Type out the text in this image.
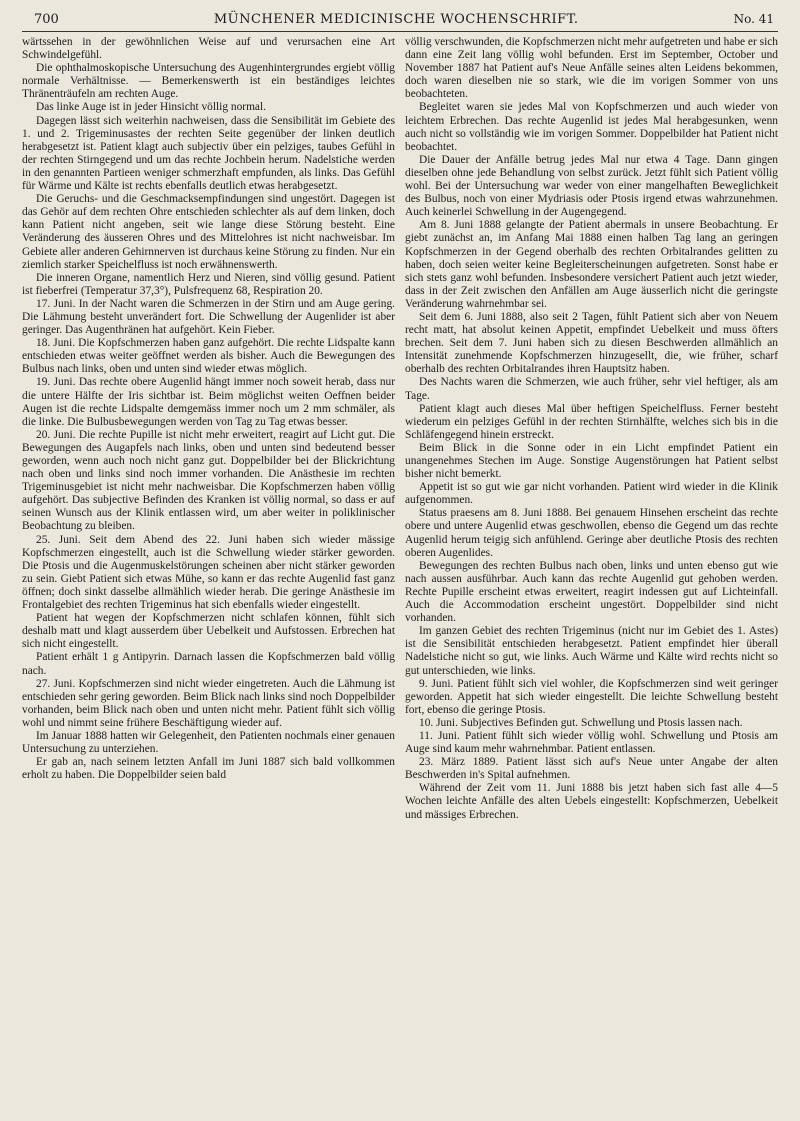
700	MÜNCHENER MEDICINISCHE WOCHENSCHRIFT.	No. 41

wärtssehen in der gewöhnlichen Weise auf und verursachen eine Art Schwindelgefühl.

Die ophthalmoskopische Untersuchung des Augenhintergrundes ergiebt völlig normale Verhältnisse. — Bemerkenswerth ist ein beständiges leichtes Thränenträufeln am rechten Auge.

Das linke Auge ist in jeder Hinsicht völlig normal.

Dagegen lässt sich weiterhin nachweisen, dass die Sensibilität im Gebiete des 1. und 2. Trigeminusastes der rechten Seite gegenüber der linken deutlich herabgesetzt ist. Patient klagt auch subjectiv über ein pelziges, taubes Gefühl in der rechten Stirngegend und um das rechte Jochbein herum. Nadelstiche werden in den genannten Partieen weniger schmerzhaft empfunden, als links. Das Gefühl für Wärme und Kälte ist rechts ebenfalls deutlich etwas herabgesetzt.

Die Geruchs- und die Geschmacksempfindungen sind ungestört. Dagegen ist das Gehör auf dem rechten Ohre entschieden schlechter als auf dem linken, doch kann Patient nicht angeben, seit wie lange diese Störung besteht. Eine Veränderung des äusseren Ohres und des Mittelohres ist nicht nachweisbar. Im Gebiete aller anderen Gehirnnerven ist durchaus keine Störung zu finden. Nur ein ziemlich starker Speichelfluss ist noch erwähnenswerth.

Die inneren Organe, namentlich Herz und Nieren, sind völlig gesund. Patient ist fieberfrei (Temperatur 37,3°), Pulsfrequenz 68, Respiration 20.

17. Juni. In der Nacht waren die Schmerzen in der Stirn und am Auge gering. Die Lähmung besteht unverändert fort. Die Schwellung der Augenlider ist aber geringer. Das Augenthränen hat aufgehört. Kein Fieber.

18. Juni. Die Kopfschmerzen haben ganz aufgehört. Die rechte Lidspalte kann entschieden etwas weiter geöffnet werden als bisher. Auch die Bewegungen des Bulbus nach links, oben und unten sind wieder etwas möglich.

19. Juni. Das rechte obere Augenlid hängt immer noch soweit herab, dass nur die untere Hälfte der Iris sichtbar ist. Beim möglichst weiten Oeffnen beider Augen ist die rechte Lidspalte demgemäss immer noch um 2 mm schmäler, als die linke. Die Bulbusbewegungen werden von Tag zu Tag etwas besser.

20. Juni. Die rechte Pupille ist nicht mehr erweitert, reagirt auf Licht gut. Die Bewegungen des Augapfels nach links, oben und unten sind bedeutend besser geworden, wenn auch noch nicht ganz gut. Doppelbilder bei der Blickrichtung nach oben und links sind noch immer vorhanden. Die Anästhesie im rechten Trigeminusgebiet ist nicht mehr nachweisbar. Die Kopfschmerzen haben völlig aufgehört. Das subjective Befinden des Kranken ist völlig normal, so dass er auf seinen Wunsch aus der Klinik entlassen wird, um aber weiter in poliklinischer Beobachtung zu bleiben.

25. Juni. Seit dem Abend des 22. Juni haben sich wieder mässige Kopfschmerzen eingestellt, auch ist die Schwellung wieder stärker geworden. Die Ptosis und die Augenmuskelstörungen scheinen aber nicht stärker geworden zu sein. Giebt Patient sich etwas Mühe, so kann er das rechte Augenlid fast ganz öffnen; doch sinkt dasselbe allmählich wieder herab. Die geringe Anästhesie im Frontalgebiet des rechten Trigeminus hat sich ebenfalls wieder eingestellt.

Patient hat wegen der Kopfschmerzen nicht schlafen können, fühlt sich deshalb matt und klagt ausserdem über Uebelkeit und Aufstossen. Erbrechen hat sich nicht eingestellt.

Patient erhält 1 g Antipyrin. Darnach lassen die Kopfschmerzen bald völlig nach.

27. Juni. Kopfschmerzen sind nicht wieder eingetreten. Auch die Lähmung ist entschieden sehr gering geworden. Beim Blick nach links sind noch Doppelbilder vorhanden, beim Blick nach oben und unten nicht mehr. Patient fühlt sich völlig wohl und nimmt seine frühere Beschäftigung wieder auf.

Im Januar 1888 hatten wir Gelegenheit, den Patienten nochmals einer genauen Untersuchung zu unterziehen.

Er gab an, nach seinem letzten Anfall im Juni 1887 sich bald vollkommen erholt zu haben. Die Doppelbilder seien bald

völlig verschwunden, die Kopfschmerzen nicht mehr aufgetreten und habe er sich dann eine Zeit lang völlig wohl befunden. Erst im September, October und November 1887 hat Patient auf's Neue Anfälle seines alten Leidens bekommen, doch waren dieselben nie so stark, wie die im vorigen Sommer von uns beobachteten.

Begleitet waren sie jedes Mal von Kopfschmerzen und auch wieder von leichtem Erbrechen. Das rechte Augenlid ist jedes Mal herabgesunken, wenn auch nicht so vollständig wie im vorigen Sommer. Doppelbilder hat Patient nicht beobachtet.

Die Dauer der Anfälle betrug jedes Mal nur etwa 4 Tage. Dann gingen dieselben ohne jede Behandlung von selbst zurück. Jetzt fühlt sich Patient völlig wohl. Bei der Untersuchung war weder von einer mangelhaften Beweglichkeit des Bulbus, noch von einer Mydriasis oder Ptosis irgend etwas wahrzunehmen. Auch keinerlei Schwellung in der Augengegend.

Am 8. Juni 1888 gelangte der Patient abermals in unsere Beobachtung. Er giebt zunächst an, im Anfang Mai 1888 einen halben Tag lang an geringen Kopfschmerzen in der Gegend oberhalb des rechten Orbitalrandes gelitten zu haben, doch seien weiter keine Begleiterscheinungen aufgetreten. Sonst habe er sich stets ganz wohl befunden. Insbesondere versichert Patient auch jetzt wieder, dass in der Zeit zwischen den Anfällen am Auge äusserlich nicht die geringste Veränderung wahrnehmbar sei.

Seit dem 6. Juni 1888, also seit 2 Tagen, fühlt Patient sich aber von Neuem recht matt, hat absolut keinen Appetit, empfindet Uebelkeit und muss öfters brechen. Seit dem 7. Juni haben sich zu diesen Beschwerden allmählich an Intensität zunehmende Kopfschmerzen hinzugesellt, die, wie früher, scharf oberhalb des rechten Orbitalrandes ihren Hauptsitz haben.

Des Nachts waren die Schmerzen, wie auch früher, sehr viel heftiger, als am Tage.

Patient klagt auch dieses Mal über heftigen Speichelfluss. Ferner besteht wiederum ein pelziges Gefühl in der rechten Stirnhälfte, welches sich bis in die Schläfengegend hinein erstreckt.

Beim Blick in die Sonne oder in ein Licht empfindet Patient ein unangenehmes Stechen im Auge. Sonstige Augenstörungen hat Patient selbst bisher nicht bemerkt.

Appetit ist so gut wie gar nicht vorhanden. Patient wird wieder in die Klinik aufgenommen.

Status praesens am 8. Juni 1888. Bei genauem Hinsehen erscheint das rechte obere und untere Augenlid etwas geschwollen, ebenso die Gegend um das rechte Augenlid herum teigig sich anfühlend. Geringe aber deutliche Ptosis des rechten oberen Augenlides.

Bewegungen des rechten Bulbus nach oben, links und unten ebenso gut wie nach aussen ausführbar. Auch kann das rechte Augenlid gut gehoben werden. Rechte Pupille erscheint etwas erweitert, reagirt indessen gut auf Lichteinfall. Auch die Accommodation erscheint ungestört. Doppelbilder sind nicht vorhanden.

Im ganzen Gebiet des rechten Trigeminus (nicht nur im Gebiet des 1. Astes) ist die Sensibilität entschieden herabgesetzt. Patient empfindet hier überall Nadelstiche nicht so gut, wie links. Auch Wärme und Kälte wird rechts nicht so gut unterschieden, wie links.

9. Juni. Patient fühlt sich viel wohler, die Kopfschmerzen sind weit geringer geworden. Appetit hat sich wieder eingestellt. Die leichte Schwellung besteht fort, ebenso die geringe Ptosis.

10. Juni. Subjectives Befinden gut. Schwellung und Ptosis lassen nach.

11. Juni. Patient fühlt sich wieder völlig wohl. Schwellung und Ptosis am Auge sind kaum mehr wahrnehmbar. Patient entlassen.

23. März 1889. Patient lässt sich auf's Neue unter Angabe der alten Beschwerden in's Spital aufnehmen.

Während der Zeit vom 11. Juni 1888 bis jetzt haben sich fast alle 4—5 Wochen leichte Anfälle des alten Uebels eingestellt: Kopfschmerzen, Uebelkeit und mässiges Erbrechen.
